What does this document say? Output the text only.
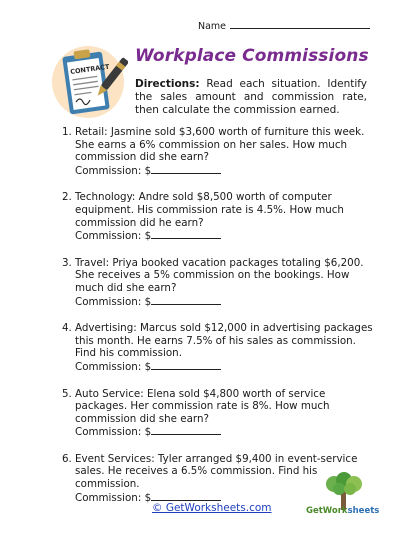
Name
CONTRACT
Workplace Commissions
Directions: Read each situation. Identify the sales amount and commission rate, then calculate the commission earned.
1. Retail: Jasmine sold $3,600 worth of furniture this week. She earns a 6% commission on her sales. How much commission did she earn?
Commission: $
2. Technology: Andre sold $8,500 worth of computer equipment. His commission rate is 4.5%. How much commission did he earn?
Commission: $
3. Travel: Priya booked vacation packages totaling $6,200. She receives a 5% commission on the bookings. How much did she earn?
Commission: $
4. Advertising: Marcus sold $12,000 in advertising packages this month. He earns 7.5% of his sales as commission. Find his commission.
Commission: $
5. Auto Service: Elena sold $4,800 worth of service packages. Her commission rate is 8%. How much commission did she earn?
Commission: $
6. Event Services: Tyler arranged $9,400 in event-service sales. He receives a 6.5% commission. Find his commission.
Commission: $
© GetWorksheets.com	GetWorksheets
